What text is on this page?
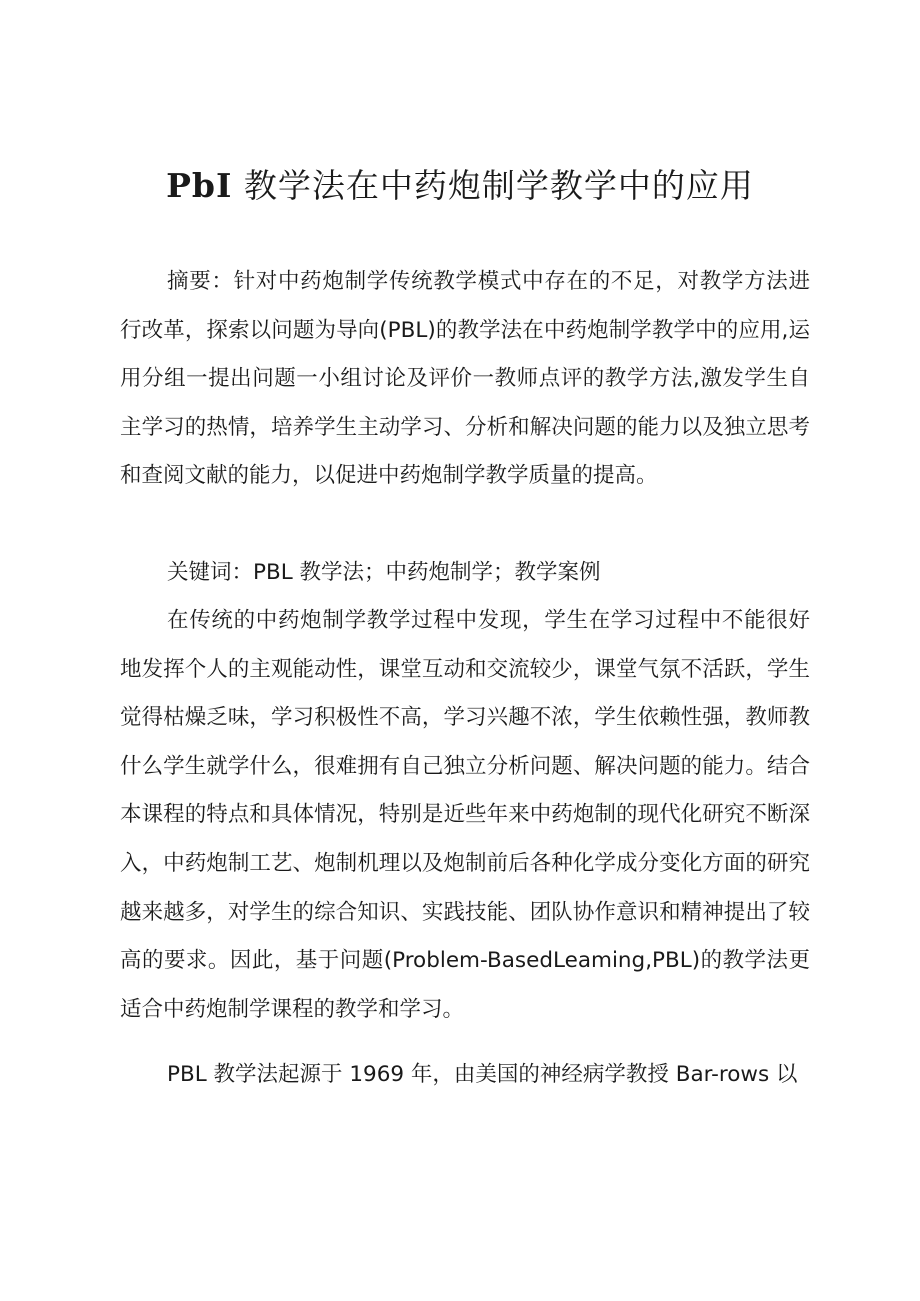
PbI 教学法在中药炮制学教学中的应用

摘要：针对中药炮制学传统教学模式中存在的不足，对教学方法进行改革，探索以问题为导向(PBL)的教学法在中药炮制学教学中的应用,运用分组一提出问题一小组讨论及评价一教师点评的教学方法,激发学生自主学习的热情，培养学生主动学习、分析和解决问题的能力以及独立思考和查阅文献的能力，以促进中药炮制学教学质量的提高。

关键词：PBL 教学法；中药炮制学；教学案例

在传统的中药炮制学教学过程中发现，学生在学习过程中不能很好地发挥个人的主观能动性，课堂互动和交流较少，课堂气氛不活跃，学生觉得枯燥乏味，学习积极性不高，学习兴趣不浓，学生依赖性强，教师教什么学生就学什么，很难拥有自己独立分析问题、解决问题的能力。结合本课程的特点和具体情况，特别是近些年来中药炮制的现代化研究不断深入，中药炮制工艺、炮制机理以及炮制前后各种化学成分变化方面的研究越来越多，对学生的综合知识、实践技能、团队协作意识和精神提出了较高的要求。因此，基于问题(Problem-BasedLeaming,PBL)的教学法更适合中药炮制学课程的教学和学习。

PBL 教学法起源于 1969 年，由美国的神经病学教授 Bar-rows 以
